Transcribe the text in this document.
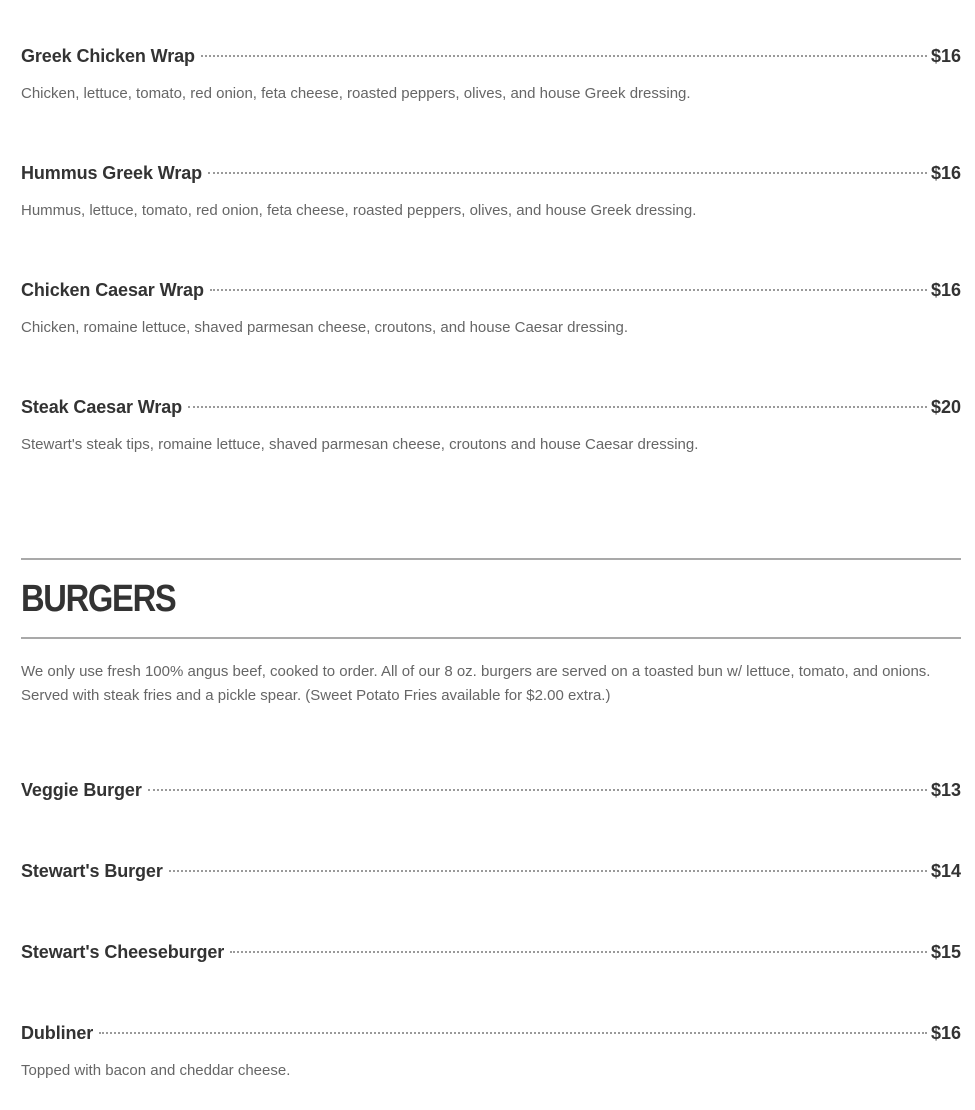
Greek Chicken Wrap	$16
Chicken, lettuce, tomato, red onion, feta cheese, roasted peppers, olives, and house Greek dressing.
Hummus Greek Wrap	$16
Hummus, lettuce, tomato, red onion, feta cheese, roasted peppers, olives, and house Greek dressing.
Chicken Caesar Wrap	$16
Chicken, romaine lettuce, shaved parmesan cheese, croutons, and house Caesar dressing.
Steak Caesar Wrap	$20
Stewart's steak tips, romaine lettuce, shaved parmesan cheese, croutons and house Caesar dressing.
BURGERS
We only use fresh 100% angus beef, cooked to order. All of our 8 oz. burgers are served on a toasted bun w/ lettuce, tomato, and onions. Served with steak fries and a pickle spear. (Sweet Potato Fries available for $2.00 extra.)
Veggie Burger	$13
Stewart's Burger	$14
Stewart's Cheeseburger	$15
Dubliner	$16
Topped with bacon and cheddar cheese.
